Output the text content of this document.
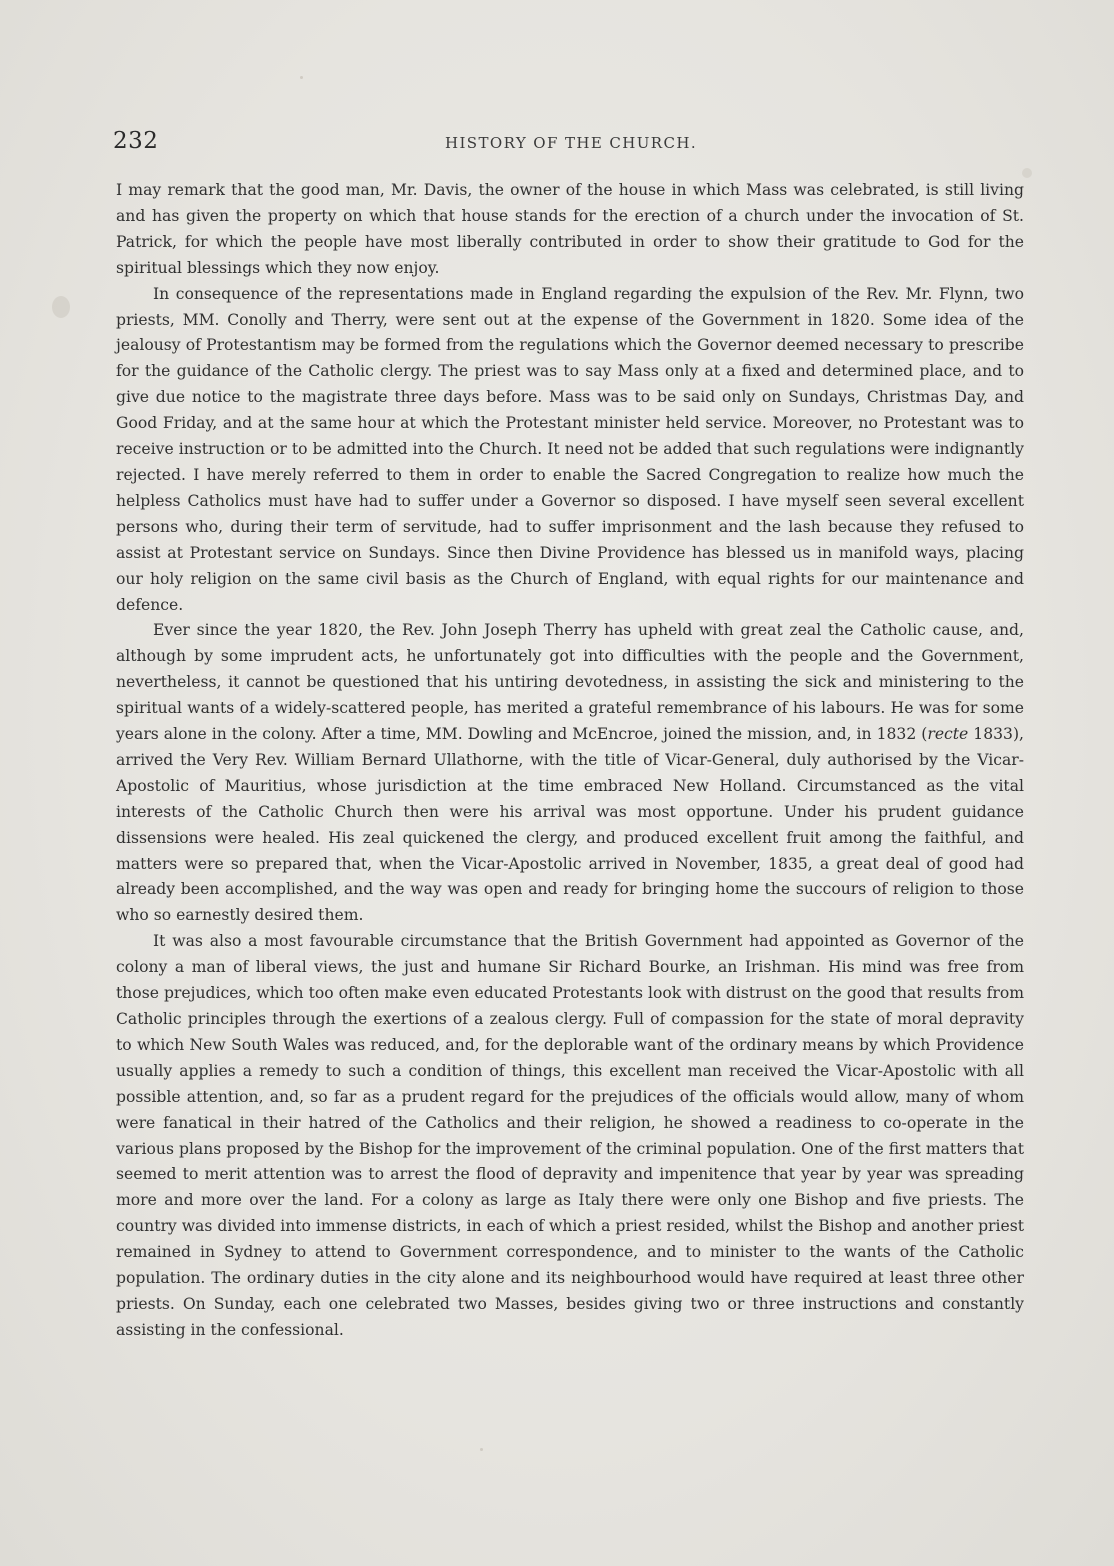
232	HISTORY OF THE CHURCH.

I may remark that the good man, Mr. Davis, the owner of the house in which Mass was celebrated, is still living and has given the property on which that house stands for the erection of a church under the invocation of St. Patrick, for which the people have most liberally contributed in order to show their gratitude to God for the spiritual blessings which they now enjoy.

In consequence of the representations made in England regarding the expulsion of the Rev. Mr. Flynn, two priests, MM. Conolly and Therry, were sent out at the expense of the Government in 1820. Some idea of the jealousy of Protestantism may be formed from the regulations which the Governor deemed necessary to prescribe for the guidance of the Catholic clergy. The priest was to say Mass only at a fixed and determined place, and to give due notice to the magistrate three days before. Mass was to be said only on Sundays, Christmas Day, and Good Friday, and at the same hour at which the Protestant minister held service. Moreover, no Protestant was to receive instruction or to be admitted into the Church. It need not be added that such regulations were indignantly rejected. I have merely referred to them in order to enable the Sacred Congregation to realize how much the helpless Catholics must have had to suffer under a Governor so disposed. I have myself seen several excellent persons who, during their term of servitude, had to suffer imprisonment and the lash because they refused to assist at Protestant service on Sundays. Since then Divine Providence has blessed us in manifold ways, placing our holy religion on the same civil basis as the Church of England, with equal rights for our maintenance and defence.

Ever since the year 1820, the Rev. John Joseph Therry has upheld with great zeal the Catholic cause, and, although by some imprudent acts, he unfortunately got into difficulties with the people and the Government, nevertheless, it cannot be questioned that his untiring devotedness, in assisting the sick and ministering to the spiritual wants of a widely-scattered people, has merited a grateful remembrance of his labours. He was for some years alone in the colony. After a time, MM. Dowling and McEncroe, joined the mission, and, in 1832 (recte 1833), arrived the Very Rev. William Bernard Ullathorne, with the title of Vicar-General, duly authorised by the Vicar-Apostolic of Mauritius, whose jurisdiction at the time embraced New Holland. Circumstanced as the vital interests of the Catholic Church then were his arrival was most opportune. Under his prudent guidance dissensions were healed. His zeal quickened the clergy, and produced excellent fruit among the faithful, and matters were so prepared that, when the Vicar-Apostolic arrived in November, 1835, a great deal of good had already been accomplished, and the way was open and ready for bringing home the succours of religion to those who so earnestly desired them.

It was also a most favourable circumstance that the British Government had appointed as Governor of the colony a man of liberal views, the just and humane Sir Richard Bourke, an Irishman. His mind was free from those prejudices, which too often make even educated Protestants look with distrust on the good that results from Catholic principles through the exertions of a zealous clergy. Full of compassion for the state of moral depravity to which New South Wales was reduced, and, for the deplorable want of the ordinary means by which Providence usually applies a remedy to such a condition of things, this excellent man received the Vicar-Apostolic with all possible attention, and, so far as a prudent regard for the prejudices of the officials would allow, many of whom were fanatical in their hatred of the Catholics and their religion, he showed a readiness to co-operate in the various plans proposed by the Bishop for the improvement of the criminal population. One of the first matters that seemed to merit attention was to arrest the flood of depravity and impenitence that year by year was spreading more and more over the land. For a colony as large as Italy there were only one Bishop and five priests. The country was divided into immense districts, in each of which a priest resided, whilst the Bishop and another priest remained in Sydney to attend to Government correspondence, and to minister to the wants of the Catholic population. The ordinary duties in the city alone and its neighbourhood would have required at least three other priests. On Sunday, each one celebrated two Masses, besides giving two or three instructions and constantly assisting in the confessional.
